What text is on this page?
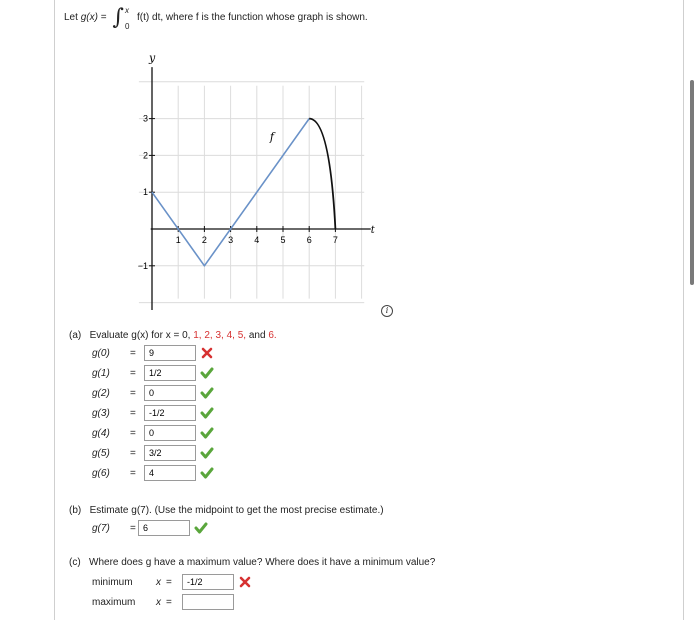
Let
g(x)
= ∫ x
0
f(t) dt,
where f is the function whose graph is shown.
1 2 3 4 5 6 7
−1
1
2
3
t
y
f
i
(a) Evaluate g(x) for x = 0, 1, 2, 3, 4, 5, and 6.
g(0)	=
9
g(1)	=
1/2
g(2)	=
0
g(3)	=
-1/2
g(4)	=
0
g(5)	=
3/2
g(6)	=
4
(b) Estimate g(7). (Use the midpoint to get the most precise estimate.)
g(7)	=
6
(c) Where does g have a maximum value? Where does it have a minimum value?
minimum	x =
-1/2
maximum	x =
